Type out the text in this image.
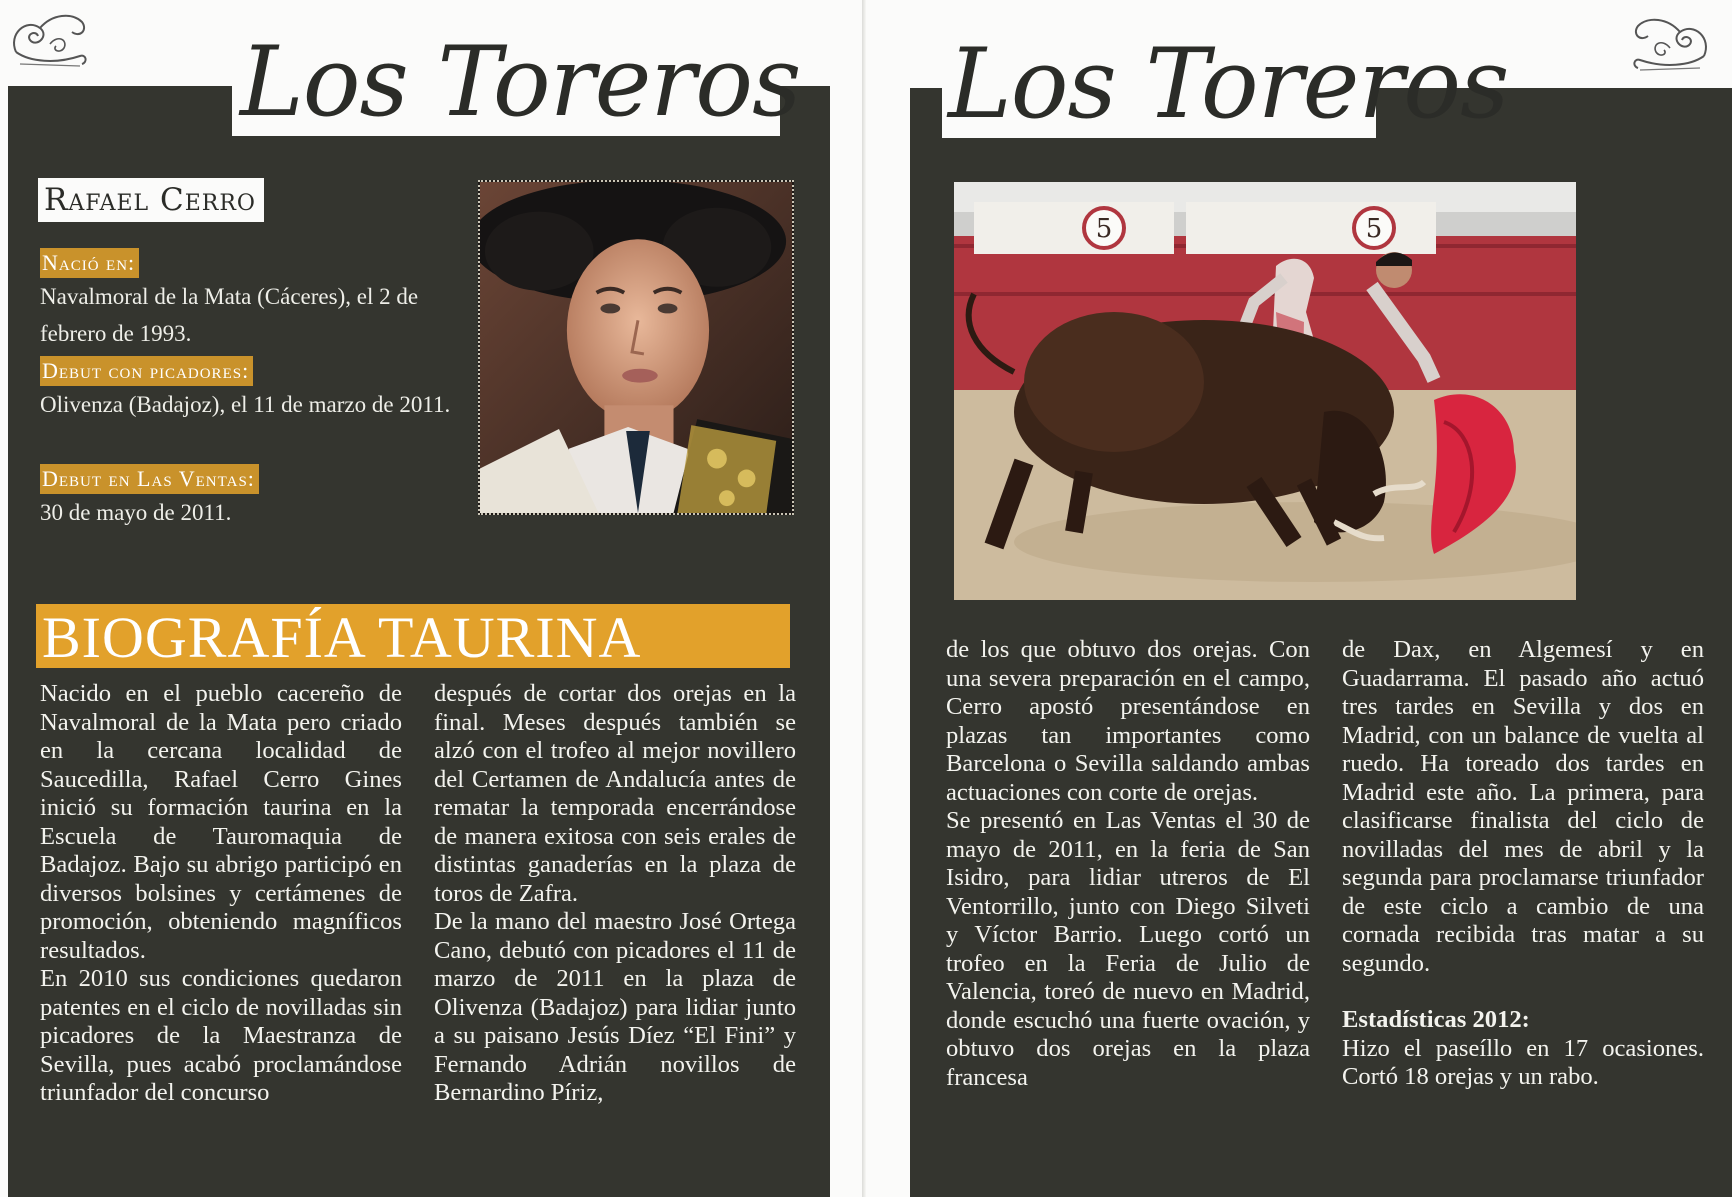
Los Toreros
Rafael Cerro
Nació en:
Navalmoral de la Mata (Cáceres), el 2 de febrero de 1993.
Debut con picadores:
Olivenza (Badajoz), el 11 de marzo de 2011.
Debut en Las Ventas:
30 de mayo de 2011.
BIOGRAFÍA TAURINA

Nacido en el pueblo cacereño de Navalmoral de la Mata pero criado en la cercana localidad de Saucedilla, Rafael Cerro Gines inició su formación taurina en la Escuela de Tauromaquia de Badajoz. Bajo su abrigo participó en diversos bolsines y certámenes de promoción, obteniendo magníficos resultados.

En 2010 sus condiciones quedaron patentes en el ciclo de novilladas sin picadores de la Maestranza de Sevilla, pues acabó proclamándose triunfador del concurso

después de cortar dos orejas en la final. Meses después también se alzó con el trofeo al mejor novillero del Certamen de Andalucía antes de rematar la temporada encerrándose de manera exitosa con seis erales de distintas ganaderías en la plaza de toros de Zafra.

De la mano del maestro José Ortega Cano, debutó con picadores el 11 de marzo de 2011 en la plaza de Olivenza (Badajoz) para lidiar junto a su paisano Jesús Díez “El Fini” y Fernando Adrián novillos de Bernardino Píriz,

Los Toreros
5	5

de los que obtuvo dos orejas. Con una severa preparación en el campo, Cerro apostó presentándose en plazas tan importantes como Barcelona o Sevilla saldando ambas actuaciones con corte de orejas.

Se presentó en Las Ventas el 30 de mayo de 2011, en la feria de San Isidro, para lidiar utreros de El Ventorrillo, junto con Diego Silveti y Víctor Barrio. Luego cortó un trofeo en la Feria de Julio de Valencia, toreó de nuevo en Madrid, donde escuchó una fuerte ovación, y obtuvo dos orejas en la plaza francesa

de Dax, en Algemesí y en Guadarrama. El pasado año actuó tres tardes en Sevilla y dos en Madrid, con un balance de vuelta al ruedo. Ha toreado dos tardes en Madrid este año. La primera, para clasificarse finalista del ciclo de novilladas del mes de abril y la segunda para proclamarse triunfador de este ciclo a cambio de una cornada recibida tras matar a su segundo.

Estadísticas 2012:

Hizo el paseíllo en 17 ocasiones. Cortó 18 orejas y un rabo.
